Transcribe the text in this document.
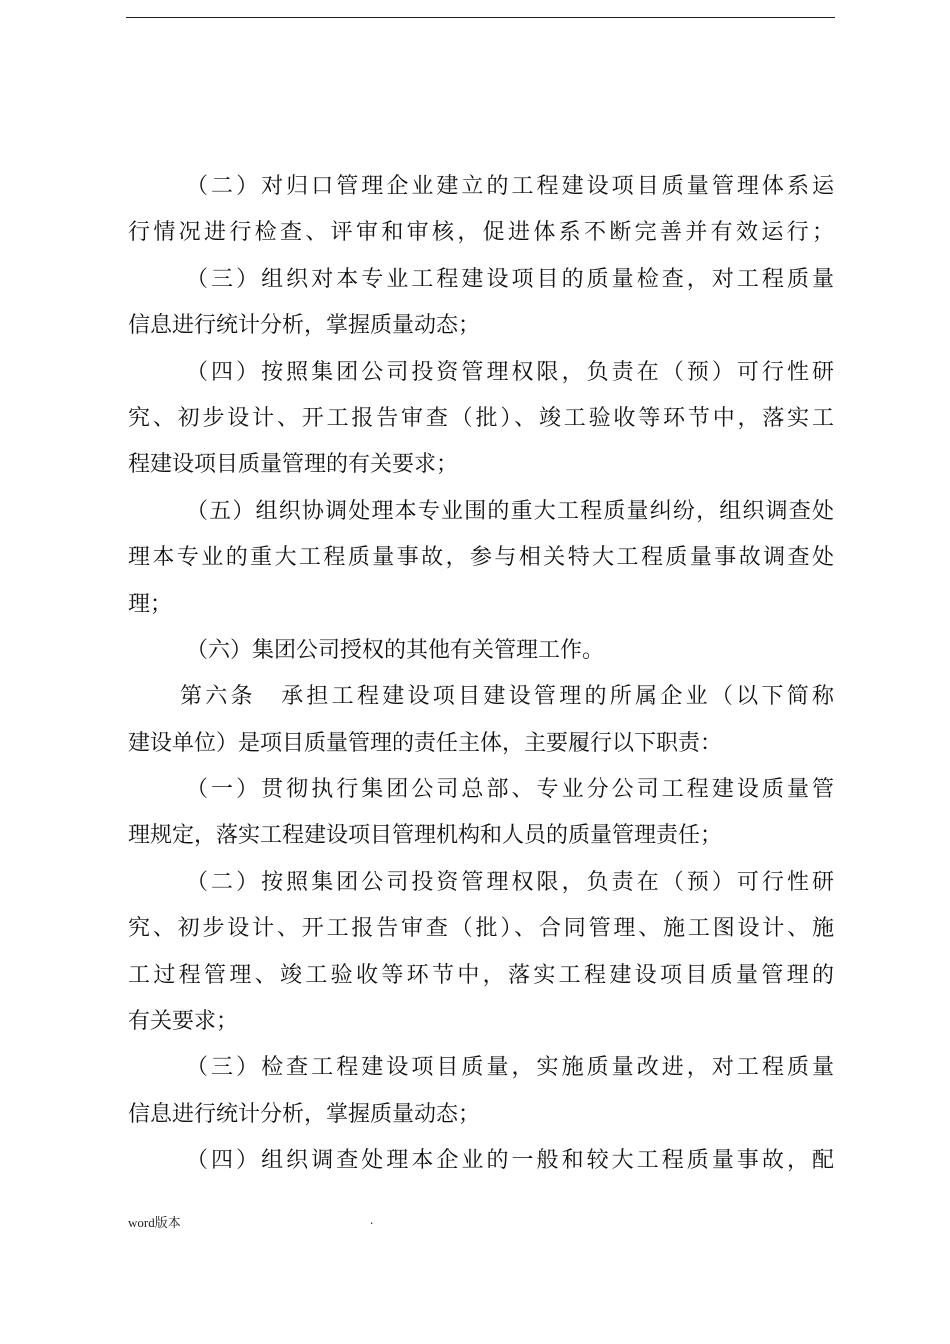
（二）对归口管理企业建立的工程建设项目质量管理体系运
行情况进行检查、评审和审核，促进体系不断完善并有效运行；
（三）组织对本专业工程建设项目的质量检查，对工程质量
信息进行统计分析，掌握质量动态；
（四）按照集团公司投资管理权限，负责在（预）可行性研
究、初步设计、开工报告审查（批）、竣工验收等环节中，落实工
程建设项目质量管理的有关要求；
（五）组织协调处理本专业围的重大工程质量纠纷，组织调查处
理本专业的重大工程质量事故，参与相关特大工程质量事故调查处
理；
（六）集团公司授权的其他有关管理工作。
第六条　承担工程建设项目建设管理的所属企业（以下简称
建设单位）是项目质量管理的责任主体，主要履行以下职责：
（一）贯彻执行集团公司总部、专业分公司工程建设质量管
理规定，落实工程建设项目管理机构和人员的质量管理责任；
（二）按照集团公司投资管理权限，负责在（预）可行性研
究、初步设计、开工报告审查（批）、合同管理、施工图设计、施
工过程管理、竣工验收等环节中，落实工程建设项目质量管理的
有关要求；
（三）检查工程建设项目质量，实施质量改进，对工程质量
信息进行统计分析，掌握质量动态；
（四）组织调查处理本企业的一般和较大工程质量事故，配
word版本	.
